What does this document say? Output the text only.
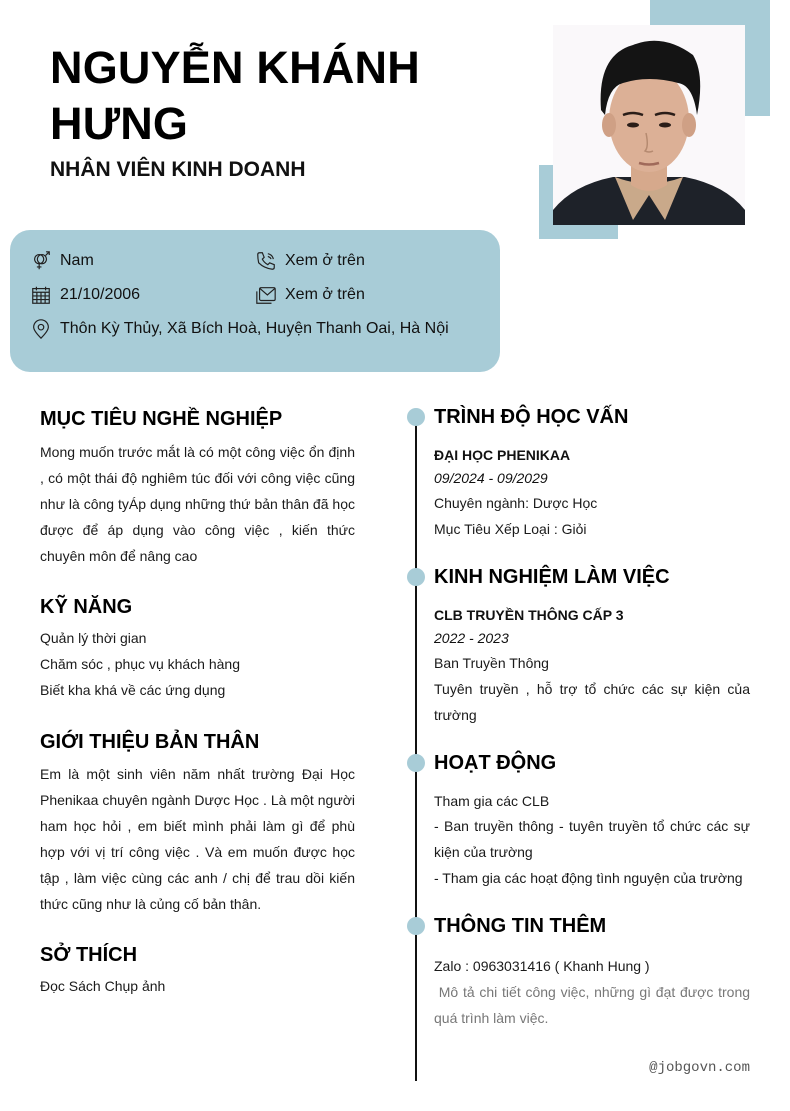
NGUYỄN KHÁNH HƯNG
NHÂN VIÊN KINH DOANH
Nam	Xem ở trên
21/10/2006	Xem ở trên
Thôn Kỳ Thủy, Xã Bích Hoà, Huyện Thanh Oai, Hà Nội
MỤC TIÊU NGHỀ NGHIỆP
Mong muốn trước mắt là có một công việc ổn định , có một thái độ nghiêm túc đối với công việc cũng như là công tyÁp dụng những thứ bản thân đã học được để áp dụng vào công việc , kiến thức chuyên môn để nâng cao
KỸ NĂNG
Quản lý thời gian
Chăm sóc , phục vụ khách hàng
Biết kha khá về các ứng dụng
GIỚI THIỆU BẢN THÂN
Em là một sinh viên năm nhất trường Đại Học Phenikaa chuyên ngành Dược Học . Là một người ham học hỏi , em biết mình phải làm gì để phù hợp với vị trí công việc . Và em muốn được học tập , làm việc cùng các anh / chị để trau dồi kiến thức cũng như là củng cố bản thân.
SỞ THÍCH
Đọc Sách Chụp ảnh
TRÌNH ĐỘ HỌC VẤN
ĐẠI HỌC PHENIKAA
09/2024 - 09/2029
Chuyên ngành: Dược Học
Mục Tiêu Xếp Loại : Giỏi
KINH NGHIỆM LÀM VIỆC
CLB TRUYỀN THÔNG CẤP 3
2022 - 2023
Ban Truyền Thông
Tuyên truyền , hỗ trợ tổ chức các sự kiện của trường
HOẠT ĐỘNG
Tham gia các CLB
- Ban truyền thông - tuyên truyền tổ chức các sự kiện của trường
- Tham gia các hoạt động tình nguyện của trường
THÔNG TIN THÊM
Zalo : 0963031416 ( Khanh Hung )
Mô tả chi tiết công việc, những gì đạt được trong quá trình làm việc.
@jobgovn.com
